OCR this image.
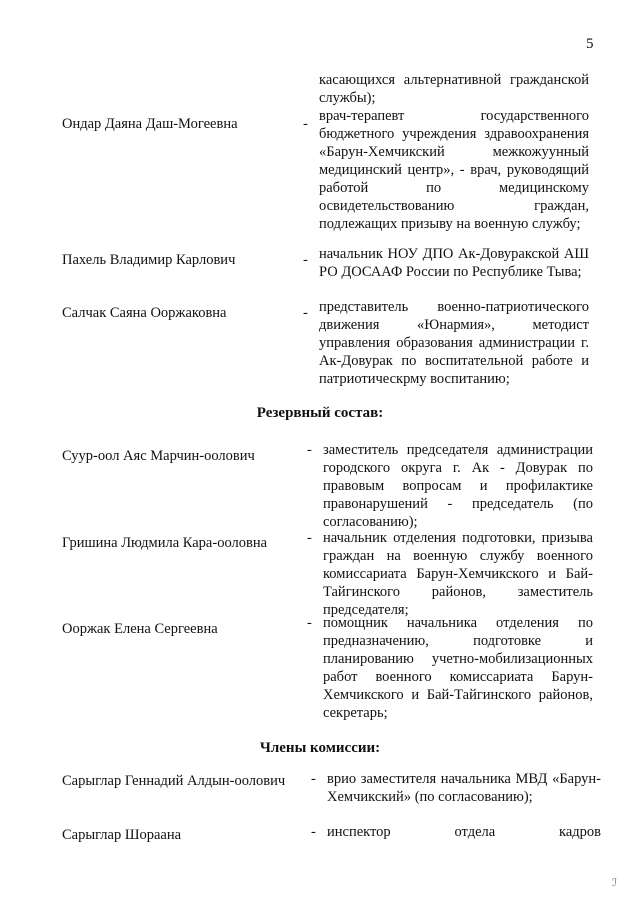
5
касающихся альтернативной гражданской службы);
Ондар Даяна Даш-Могеевна	- врач-терапевт государственного бюджетного учреждения здравоохранения «Барун-Хемчикский межкожуунный медицинский центр», - врач, руководящий работой по медицинскому освидетельствованию граждан, подлежащих призыву на военную службу;
Пахель Владимир Карлович	- начальник НОУ ДПО Ак-Довуракской АШ РО ДОСААФ России по Республике Тыва;
Салчак Саяна Ооржаковна	- представитель военно-патриотического движения «Юнармия», методист управления образования администрации г. Ак-Довурак по воспитательной работе и патриотическрму воспитанию;
Резервный состав:
Суур-оол Аяс Марчин-оолович	- заместитель председателя администрации городского округа г. Ак - Довурак по правовым вопросам и профилактике правонарушений - председатель (по согласованию);
Гришина Людмила Кара-ооловна	- начальник отделения подготовки, призыва граждан на военную службу военного комиссариата Барун-Хемчикского и Бай-Тайгинского районов, заместитель председателя;
Ооржак Елена Сергеевна	- помощник начальника отделения по предназначению, подготовке и планированию учетно-мобилизационных работ военного комиссариата Барун-Хемчикского и Бай-Тайгинского районов, секретарь;
Члены комиссии:
Сарыглар Геннадий Алдын-оолович	- врио заместителя начальника МВД «Барун-Хемчикский» (по согласованию);
Сарыглар Шораана	- инспектор отдела кадров
ℐ
